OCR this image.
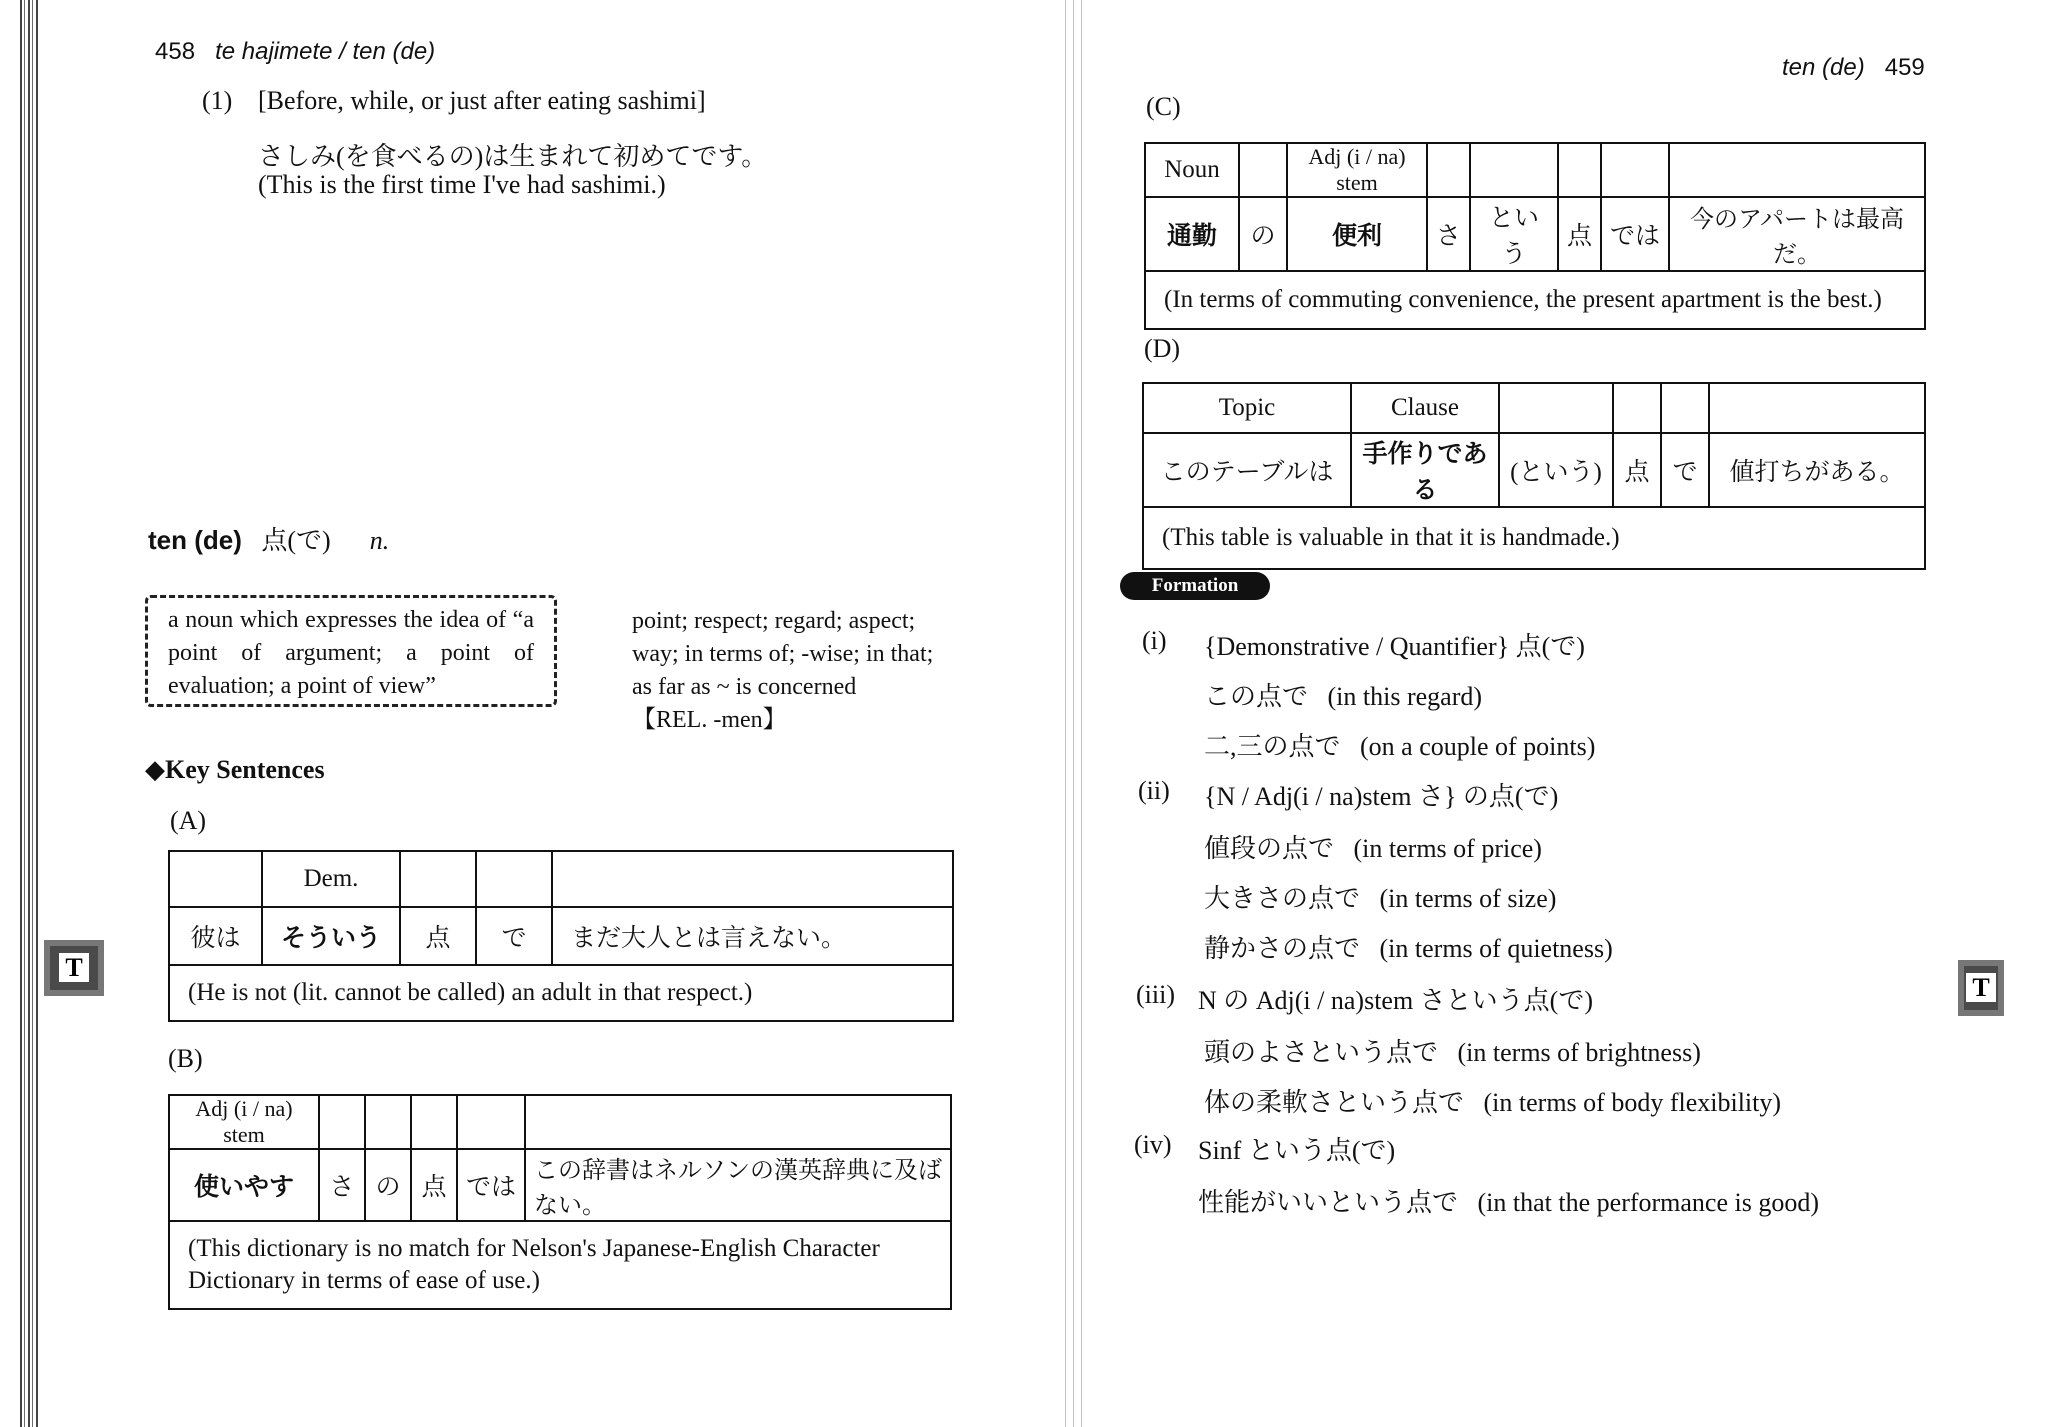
T
458 te hajimete / ten (de)
(1) [Before, while, or just after eating sashimi]
さしみ(を食べるの)は生まれて初めてです。
(This is the first time I've had sashimi.)
ten (de) 点(で) n.
a noun which expresses the idea of “a point of argument; a point of evaluation; a point of view”
point; respect; regard; aspect;
way; in terms of; -wise; in that;
as far as ~ is concerned
【REL. -men】
◆Key Sentences
(A)
	Dem.			
彼は	そういう	点	で	まだ大人とは言えない。
(He is not (lit. cannot be called) an adult in that respect.)				
(B)
Adj (i / na) stem					
使いやす	さ	の	点	では	この辞書はネルソンの漢英辞典に及ばない。
(This dictionary is no match for Nelson's Japanese-English Character Dictionary in terms of ease of use.)					
T
ten (de) 459
(C)
Noun		Adj (i / na) stem					
通勤	の	便利	さ	という	点	では	今のアパートは最高だ。
(In terms of commuting convenience, the present apartment is the best.)							
(D)
Topic	Clause				
このテーブルは	手作りである	(という)	点	で	値打ちがある。
(This table is valuable in that it is handmade.)					
Formation
(i) {Demonstrative / Quantifier} 点(で)
この点で (in this regard)
二,三の点で (on a couple of points)
(ii) {N / Adj(i / na)stem さ} の点(で)
値段の点で (in terms of price)
大きさの点で (in terms of size)
静かさの点で (in terms of quietness)
(iii) N の Adj(i / na)stem さという点(で)
頭のよさという点で (in terms of brightness)
体の柔軟さという点で (in terms of body flexibility)
(iv) Sinf という点(で)
性能がいいという点で (in that the performance is good)
